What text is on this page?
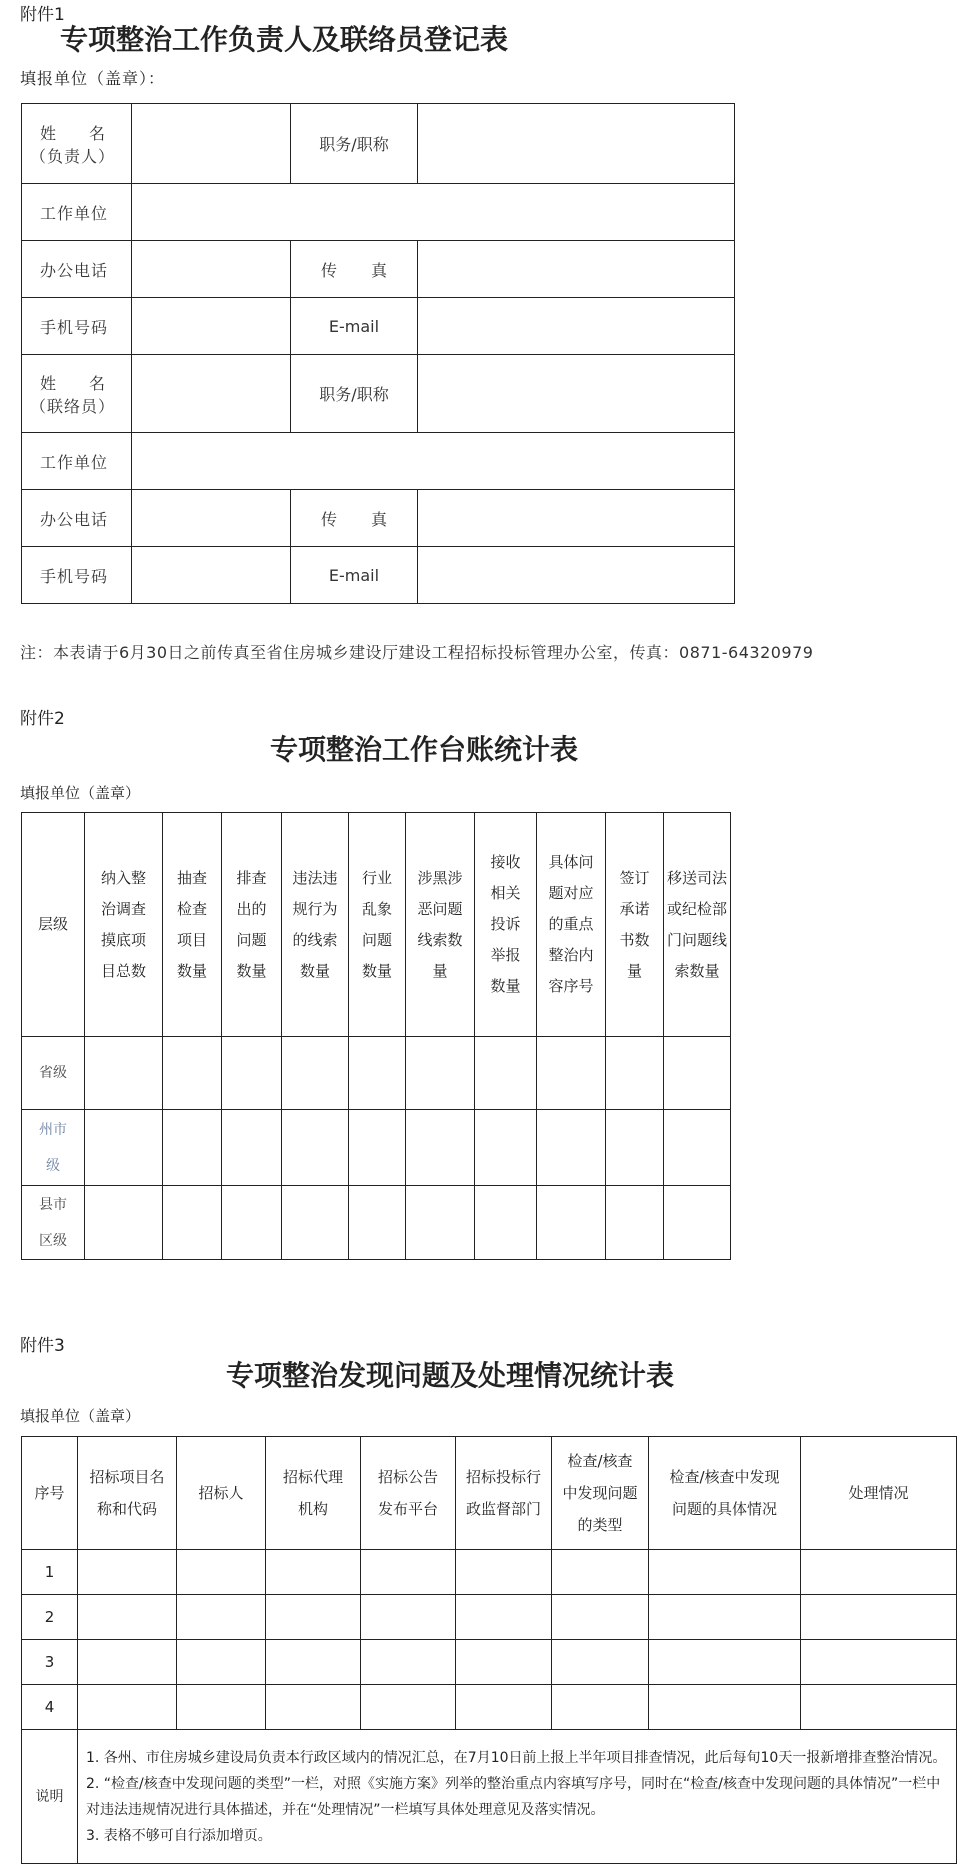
附件1
专项整治工作负责人及联络员登记表
填报单位（盖章）：
姓 名
（负责人）		职务/职称	
工作单位			
办公电话		传 真	

手机号码		E-mail	

姓 名
（联络员）		职务/职称	
工作单位			
办公电话		传 真	

手机号码		E-mail	
注：本表请于6月30日之前传真至省住房城乡建设厅建设工程招标投标管理办公室，传真：0871-64320979
附件2
专项整治工作台账统计表
填报单位（盖章）
层级	纳入整治调查摸底项目总数	抽查检查项目数量	排查出的问题数量	违法违规行为的线索数量	行业乱象问题数量	涉黑涉恶问题线索数量	接收相关投诉举报数量	具体问题对应的重点整治内容序号	签订承诺书数量	移送司法或纪检部门问题线索数量
省级										
州市级										
县市区级										
附件3
专项整治发现问题及处理情况统计表
填报单位（盖章）
序号	招标项目名称和代码	招标人	招标代理机构	招标公告发布平台	招标投标行政监督部门	检查/核查中发现问题的类型	检查/核查中发现问题的具体情况	处理情况
1								
2								
3								
4								
说明	1. 各州、市住房城乡建设局负责本行政区域内的情况汇总，在7月10日前上报上半年项目排查情况，此后每旬10天一报新增排查整治情况。
2. “检查/核查中发现问题的类型”一栏，对照《实施方案》列举的整治重点内容填写序号，同时在“检查/核查中发现问题的具体情况”一栏中对违法违规情况进行具体描述，并在“处理情况”一栏填写具体处理意见及落实情况。
3. 表格不够可自行添加增页。							
